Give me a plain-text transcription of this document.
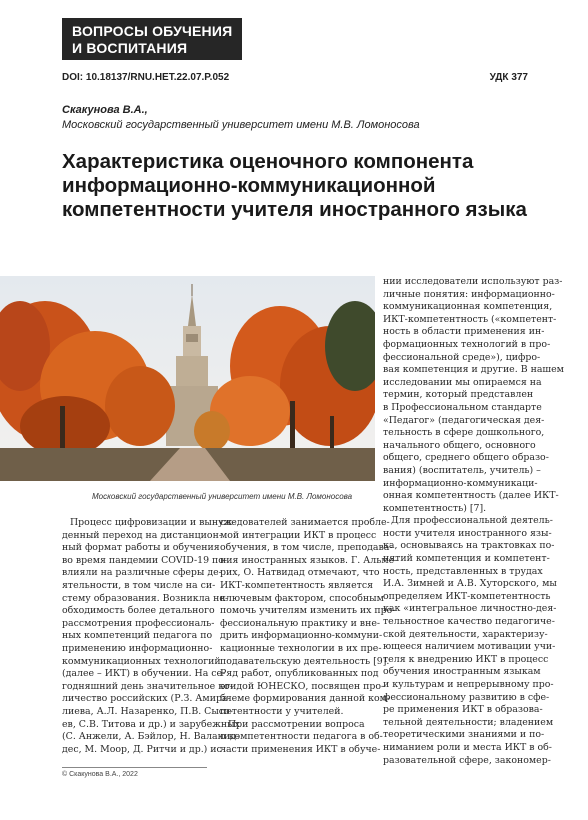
ВОПРОСЫ ОБУЧЕНИЯ
И ВОСПИТАНИЯ
DOI: 10.18137/RNU.HET.22.07.P.052	УДК 377
Скакунова В.А.,
Московский государственный университет имени М.В. Ломоносова
Характеристика оценочного компонента
информационно-коммуникационной
компетентности учителя иностранного языка
Московский государственный университет имени М.В. Ломоносова
Процесс цифровизации и вынуж-
денный переход на дистанцион-
ный формат работы и обучения
во время пандемии COVID-19 по-
влияли на различные сферы де-
ятельности, в том числе на си-
стему образования. Возникла не-
обходимость более детального
рассмотрения профессиональ-
ных компетенций педагога по
применению информационно-
коммуникационных технологий
(далее – ИКТ) в обучении. На се-
годняшний день значительное ко-
личество российских (Р.З. Амира-
лиева, А.Л. Назаренко, П.В. Сысо-
ев, С.В. Титова и др.) и зарубежных
(С. Анжели, А. Бэйлор, Н. Валанид-
дес, М. Моор, Д. Ритчи и др.) ис-
следователей занимается пробле-
мой интеграции ИКТ в процесс
обучения, в том числе, преподава-
ния иностранных языков. Г. Альме-
рих, О. Натвидад отмечают, что
ИКТ-компетентность является
ключевым фактором, способным
помочь учителям изменить их про-
фессиональную практику и вне-
дрить информационно-коммуни-
кационные технологии в их пре-
подавательскую деятельность [9].
Ряд работ, опубликованных под
эгидой ЮНЕСКО, посвящен про-
блеме формирования данной ком-
петентности у учителей.
При рассмотрении вопроса
о компетентности педагога в об-
ласти применения ИКТ в обуче-
нии исследователи используют раз-
личные понятия: информационно-
коммуникационная компетенция,
ИКТ-компетентность («компетент-
ность в области применения ин-
формационных технологий в про-
фессиональной среде»), цифро-
вая компетенция и другие. В нашем
исследовании мы опираемся на
термин, который представлен
в Профессиональном стандарте
«Педагог» (педагогическая дея-
тельность в сфере дошкольного,
начального общего, основного
общего, среднего общего образо-
вания) (воспитатель, учитель) –
информационно-коммуникаци-
онная компетентность (далее ИКТ-
компетентность) [7].
Для профессиональной деятель-
ности учителя иностранного язы-
ка, основываясь на трактовках по-
нятий компетенция и компетент-
ность, представленных в трудах
И.А. Зимней и А.В. Хуторского, мы
определяем ИКТ-компетентность
как «интегральное личностно-дея-
тельностное качество педагогиче-
ской деятельности, характеризу-
ющееся наличием мотивации учи-
теля к внедрению ИКТ в процесс
обучения иностранным языкам
и культурам и непрерывному про-
фессиональному развитию в сфе-
ре применения ИКТ в образова-
тельной деятельности; владением
теоретическими знаниями и по-
ниманием роли и места ИКТ в об-
разовательной сфере, закономер-
© Скакунова В.А., 2022
